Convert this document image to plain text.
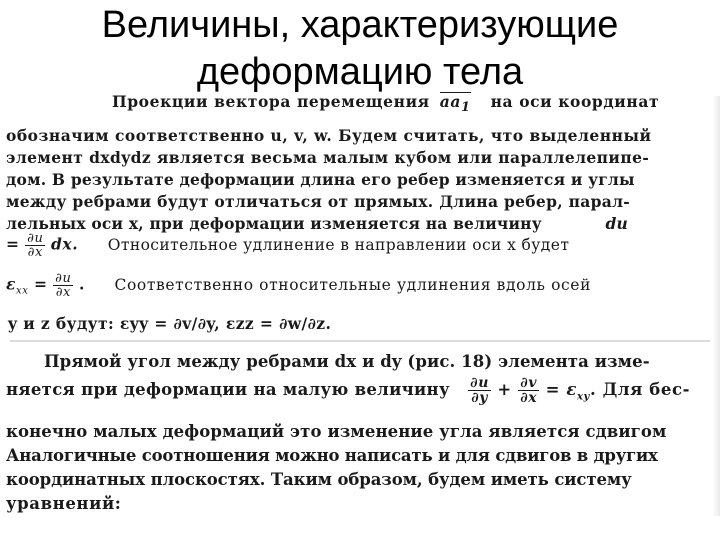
Величины, характеризующие
деформацию тела
Проекции вектора перемещения $aa_1$ на оси координат
обозначим соответственно u, v, w. Будем считать, что выделенный
элемент dxdydz является весьма малым кубом или параллелепипе-
дом. В результате деформации длина его ребер изменяется и углы
между ребрами будут отличаться от прямых. Длина ребер, парал-
лельных оси x, при деформации изменяется на величину	du
= $\frac{\partial u}{\partial x}$ dx. Относительное удлинение в направлении оси x будет
$\varepsilon_{xx} = \frac{\partial u}{\partial x}$ . Соответственно относительные удлинения вдоль осей
y и z будут: εyy = ∂v/∂y, εzz = ∂w/∂z.
Прямой угол между ребрами dx и dy (рис. 18) элемента изме-
няется при деформации на малую величину $\frac{\partial u}{\partial y} + \frac{\partial v}{\partial x} = \varepsilon_{xy}$. Для бес-
конечно малых деформаций это изменение угла является сдвигом
Аналогичные соотношения можно написать и для сдвигов в других
координатных плоскостях. Таким образом, будем иметь систему
уравнений:
